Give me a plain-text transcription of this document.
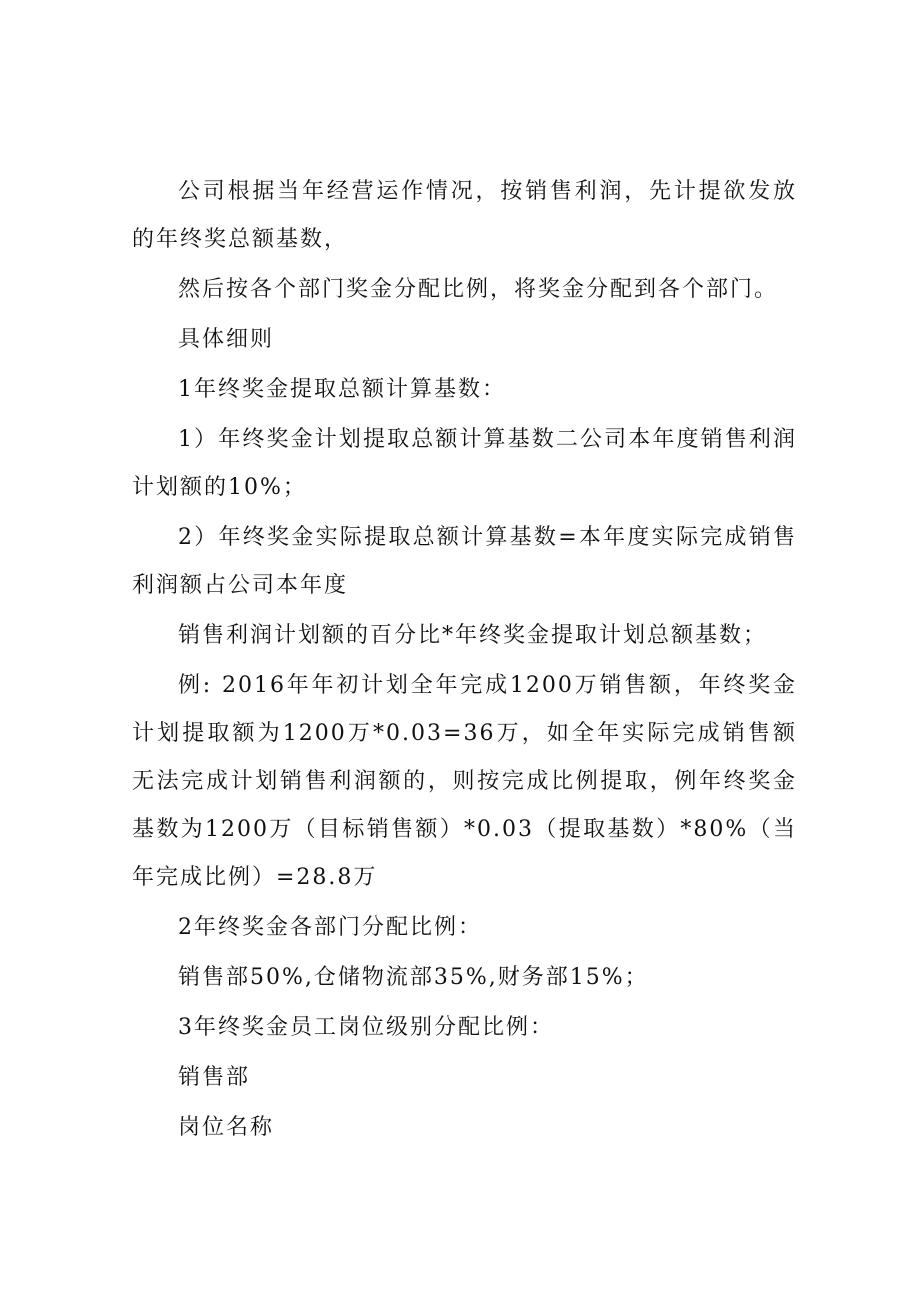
公司根据当年经营运作情况，按销售利润，先计提欲发放的年终奖总额基数，

然后按各个部门奖金分配比例，将奖金分配到各个部门。

具体细则

1年终奖金提取总额计算基数：

1）年终奖金计划提取总额计算基数二公司本年度销售利润计划额的10%；

2）年终奖金实际提取总额计算基数=本年度实际完成销售利润额占公司本年度

销售利润计划额的百分比*年终奖金提取计划总额基数；

例: 2016年年初计划全年完成1200万销售额，年终奖金计划提取额为1200万*0.03=36万，如全年实际完成销售额无法完成计划销售利润额的，则按完成比例提取，例年终奖金基数为1200万（目标销售额）*0.03（提取基数）*80%（当年完成比例）=28.8万

2年终奖金各部门分配比例：

销售部50%,仓储物流部35%,财务部15%；

3年终奖金员工岗位级别分配比例：

销售部

岗位名称
